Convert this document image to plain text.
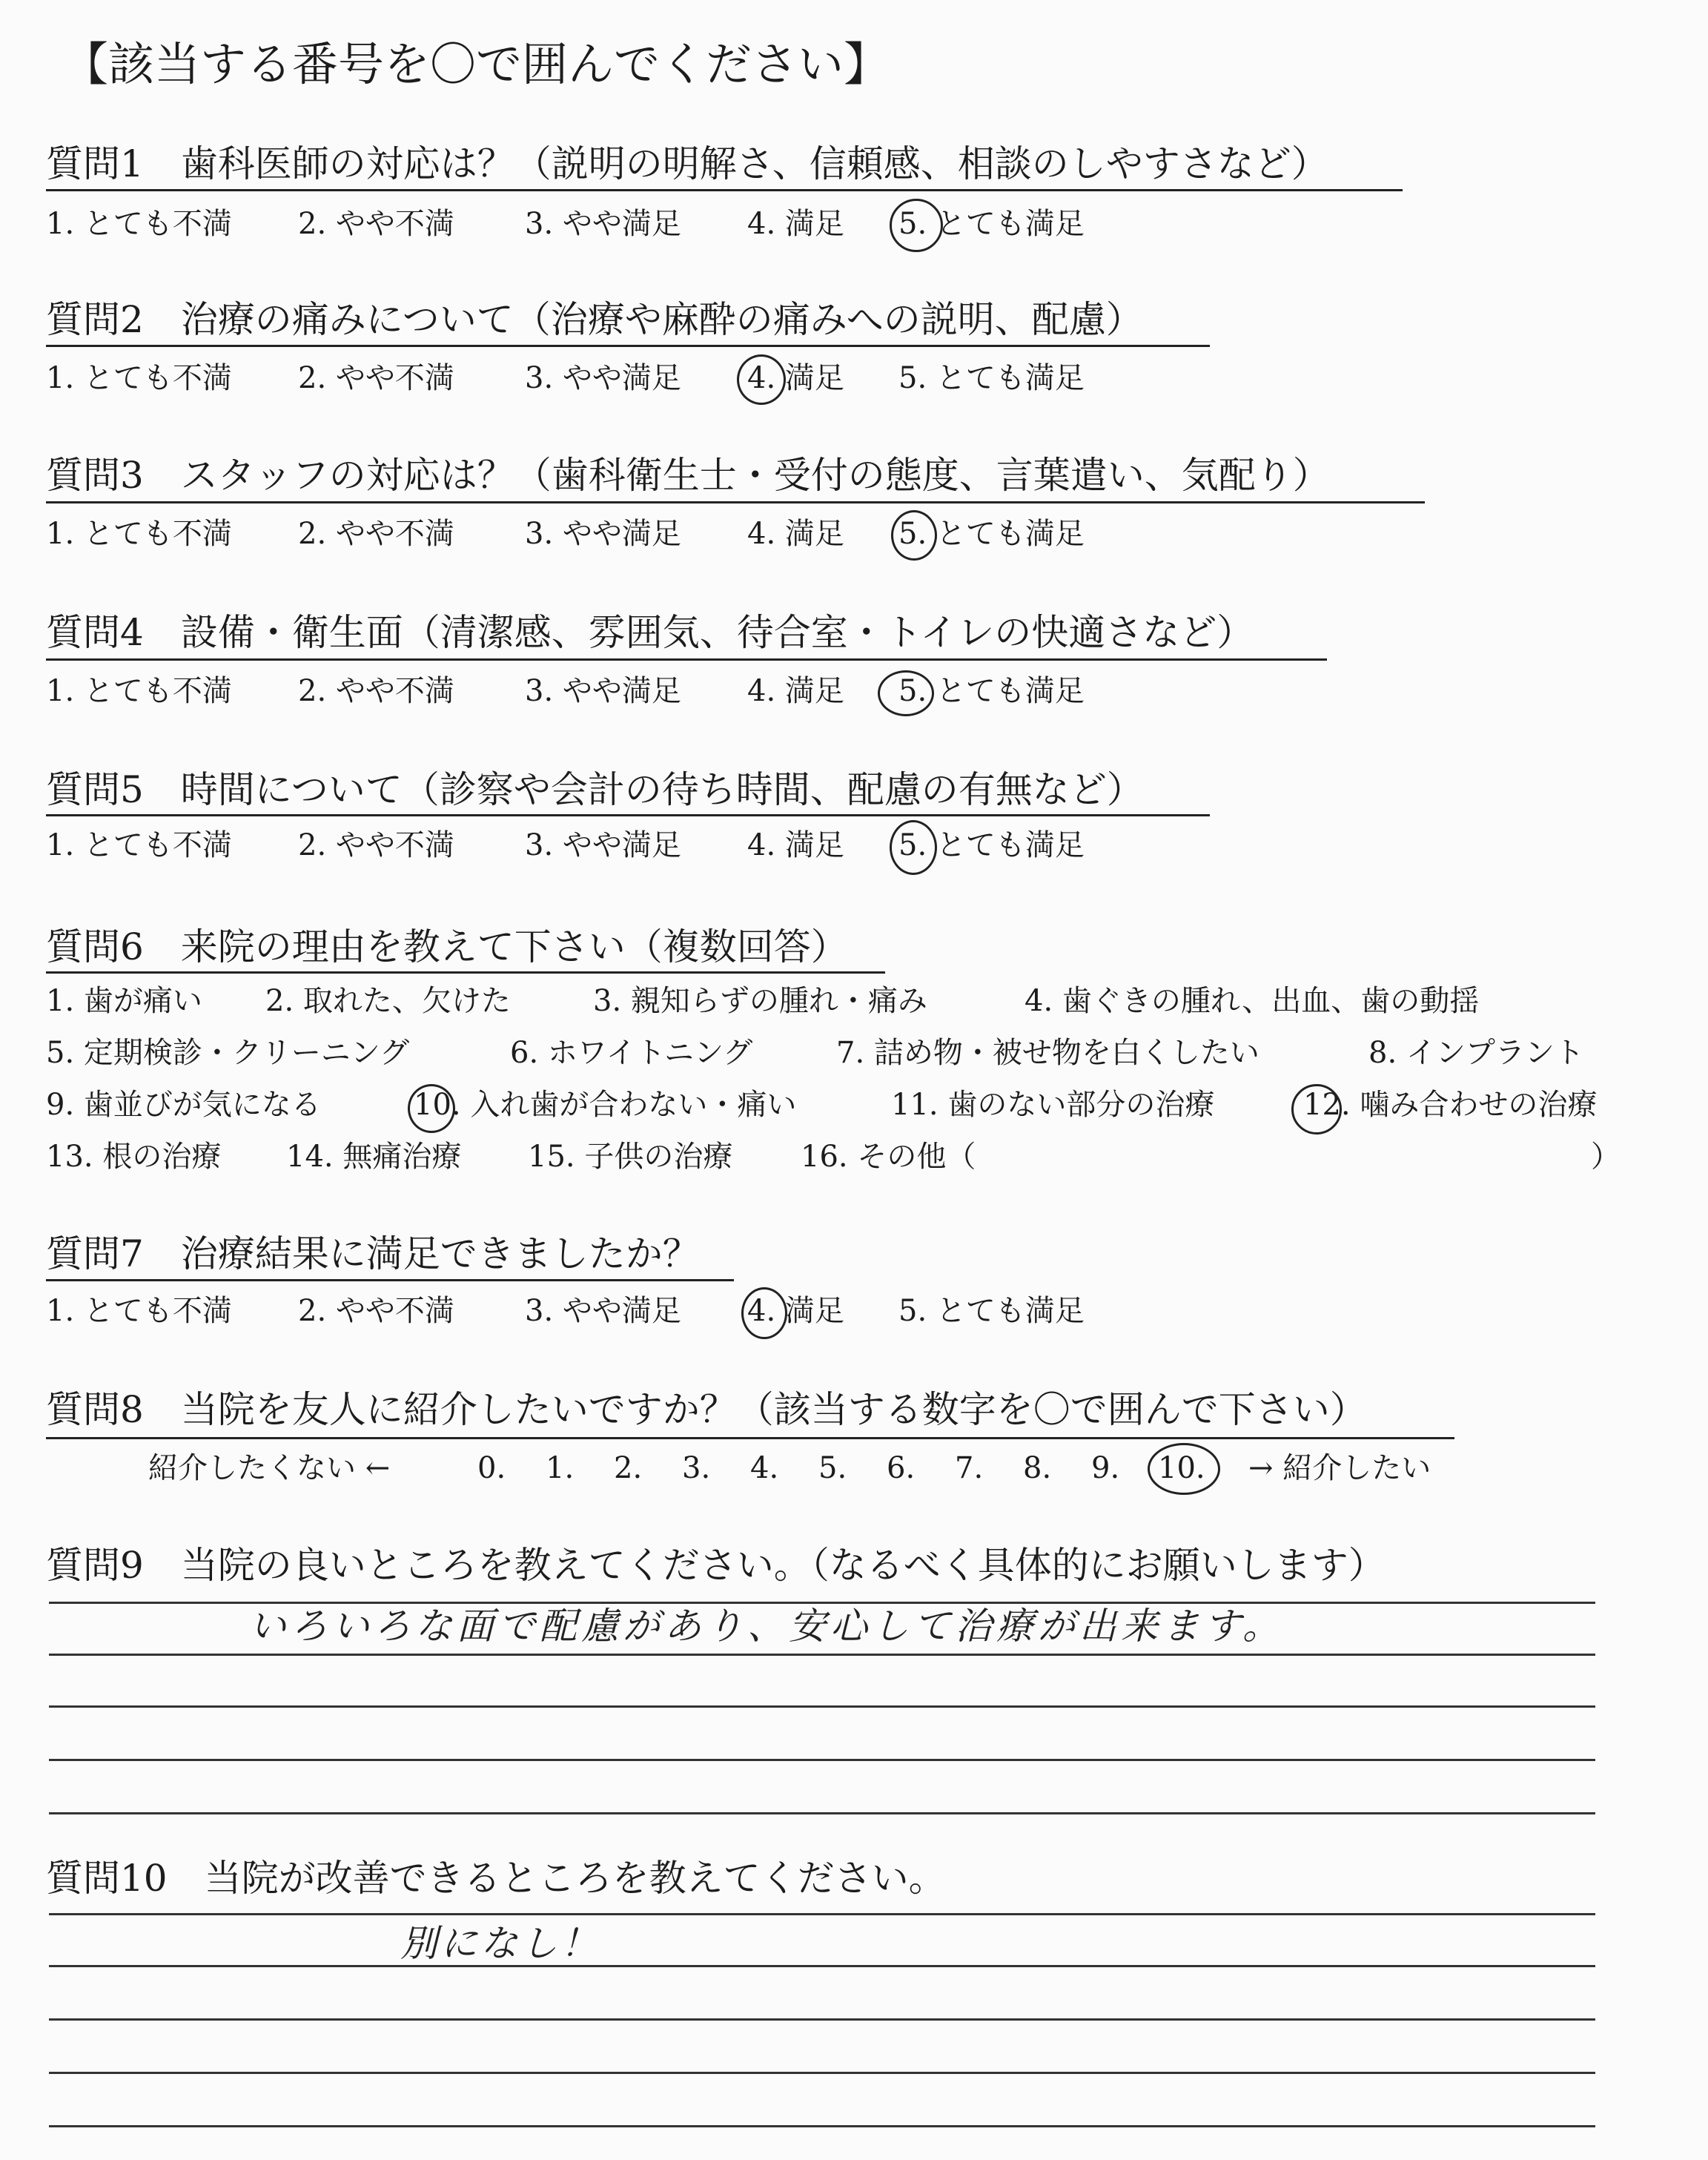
【該当する番号を〇で囲んでください】
質問1　歯科医師の対応は？（説明の明解さ、信頼感、相談のしやすさなど）
1. とても不満 2. やや不満 3. やや満足 4. 満足 5. とても満足
質問2　治療の痛みについて（治療や麻酔の痛みへの説明、配慮）
1. とても不満 2. やや不満 3. やや満足 4. 満足 5. とても満足
質問3　スタッフの対応は？（歯科衛生士・受付の態度、言葉遣い、気配り）
1. とても不満 2. やや不満 3. やや満足 4. 満足 5. とても満足
質問4　設備・衛生面（清潔感、雰囲気、待合室・トイレの快適さなど）
1. とても不満 2. やや不満 3. やや満足 4. 満足 5. とても満足
質問5　時間について（診察や会計の待ち時間、配慮の有無など）
1. とても不満 2. やや不満 3. やや満足 4. 満足 5. とても満足
質問6　来院の理由を教えて下さい（複数回答）
1. 歯が痛い 2. 取れた、欠けた	3. 親知らずの腫れ・痛み	4. 歯ぐきの腫れ、出血、歯の動揺
5. 定期検診・クリーニング	6. ホワイトニング	7. 詰め物・被せ物を白くしたい	8. インプラント
9. 歯並びが気になる	10. 入れ歯が合わない・痛い	11. 歯のない部分の治療	12. 噛み合わせの治療
13. 根の治療 14. 無痛治療 15. 子供の治療 16. その他（	）
質問7　治療結果に満足できましたか？
1. とても不満 2. やや不満 3. やや満足 4. 満足 5. とても満足
質問8　当院を友人に紹介したいですか？（該当する数字を〇で囲んで下さい）
紹介したくない ←	0. 1. 2. 3. 4. 5. 6. 7. 8. 9. 10. → 紹介したい
質問9　当院の良いところを教えてください。（なるべく具体的にお願いします）
いろいろな面で配慮があり、安心して治療が出来ます。
質問10　当院が改善できるところを教えてください。
別になし！
